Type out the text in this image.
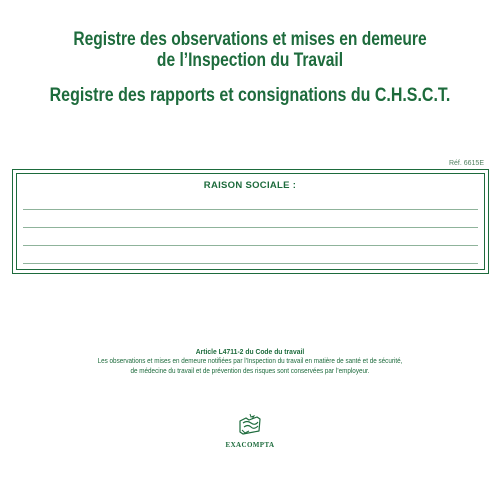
Registre des observations et mises en demeure
de l’Inspection du Travail
Registre des rapports et consignations du C.H.S.C.T.
Réf. 6615E
RAISON SOCIALE :
Article L4711-2 du Code du travail
Les observations et mises en demeure notifiées par l’Inspection du travail en matière de santé et de sécurité,
de médecine du travail et de prévention des risques sont conservées par l’employeur.
EXACOMPTA
